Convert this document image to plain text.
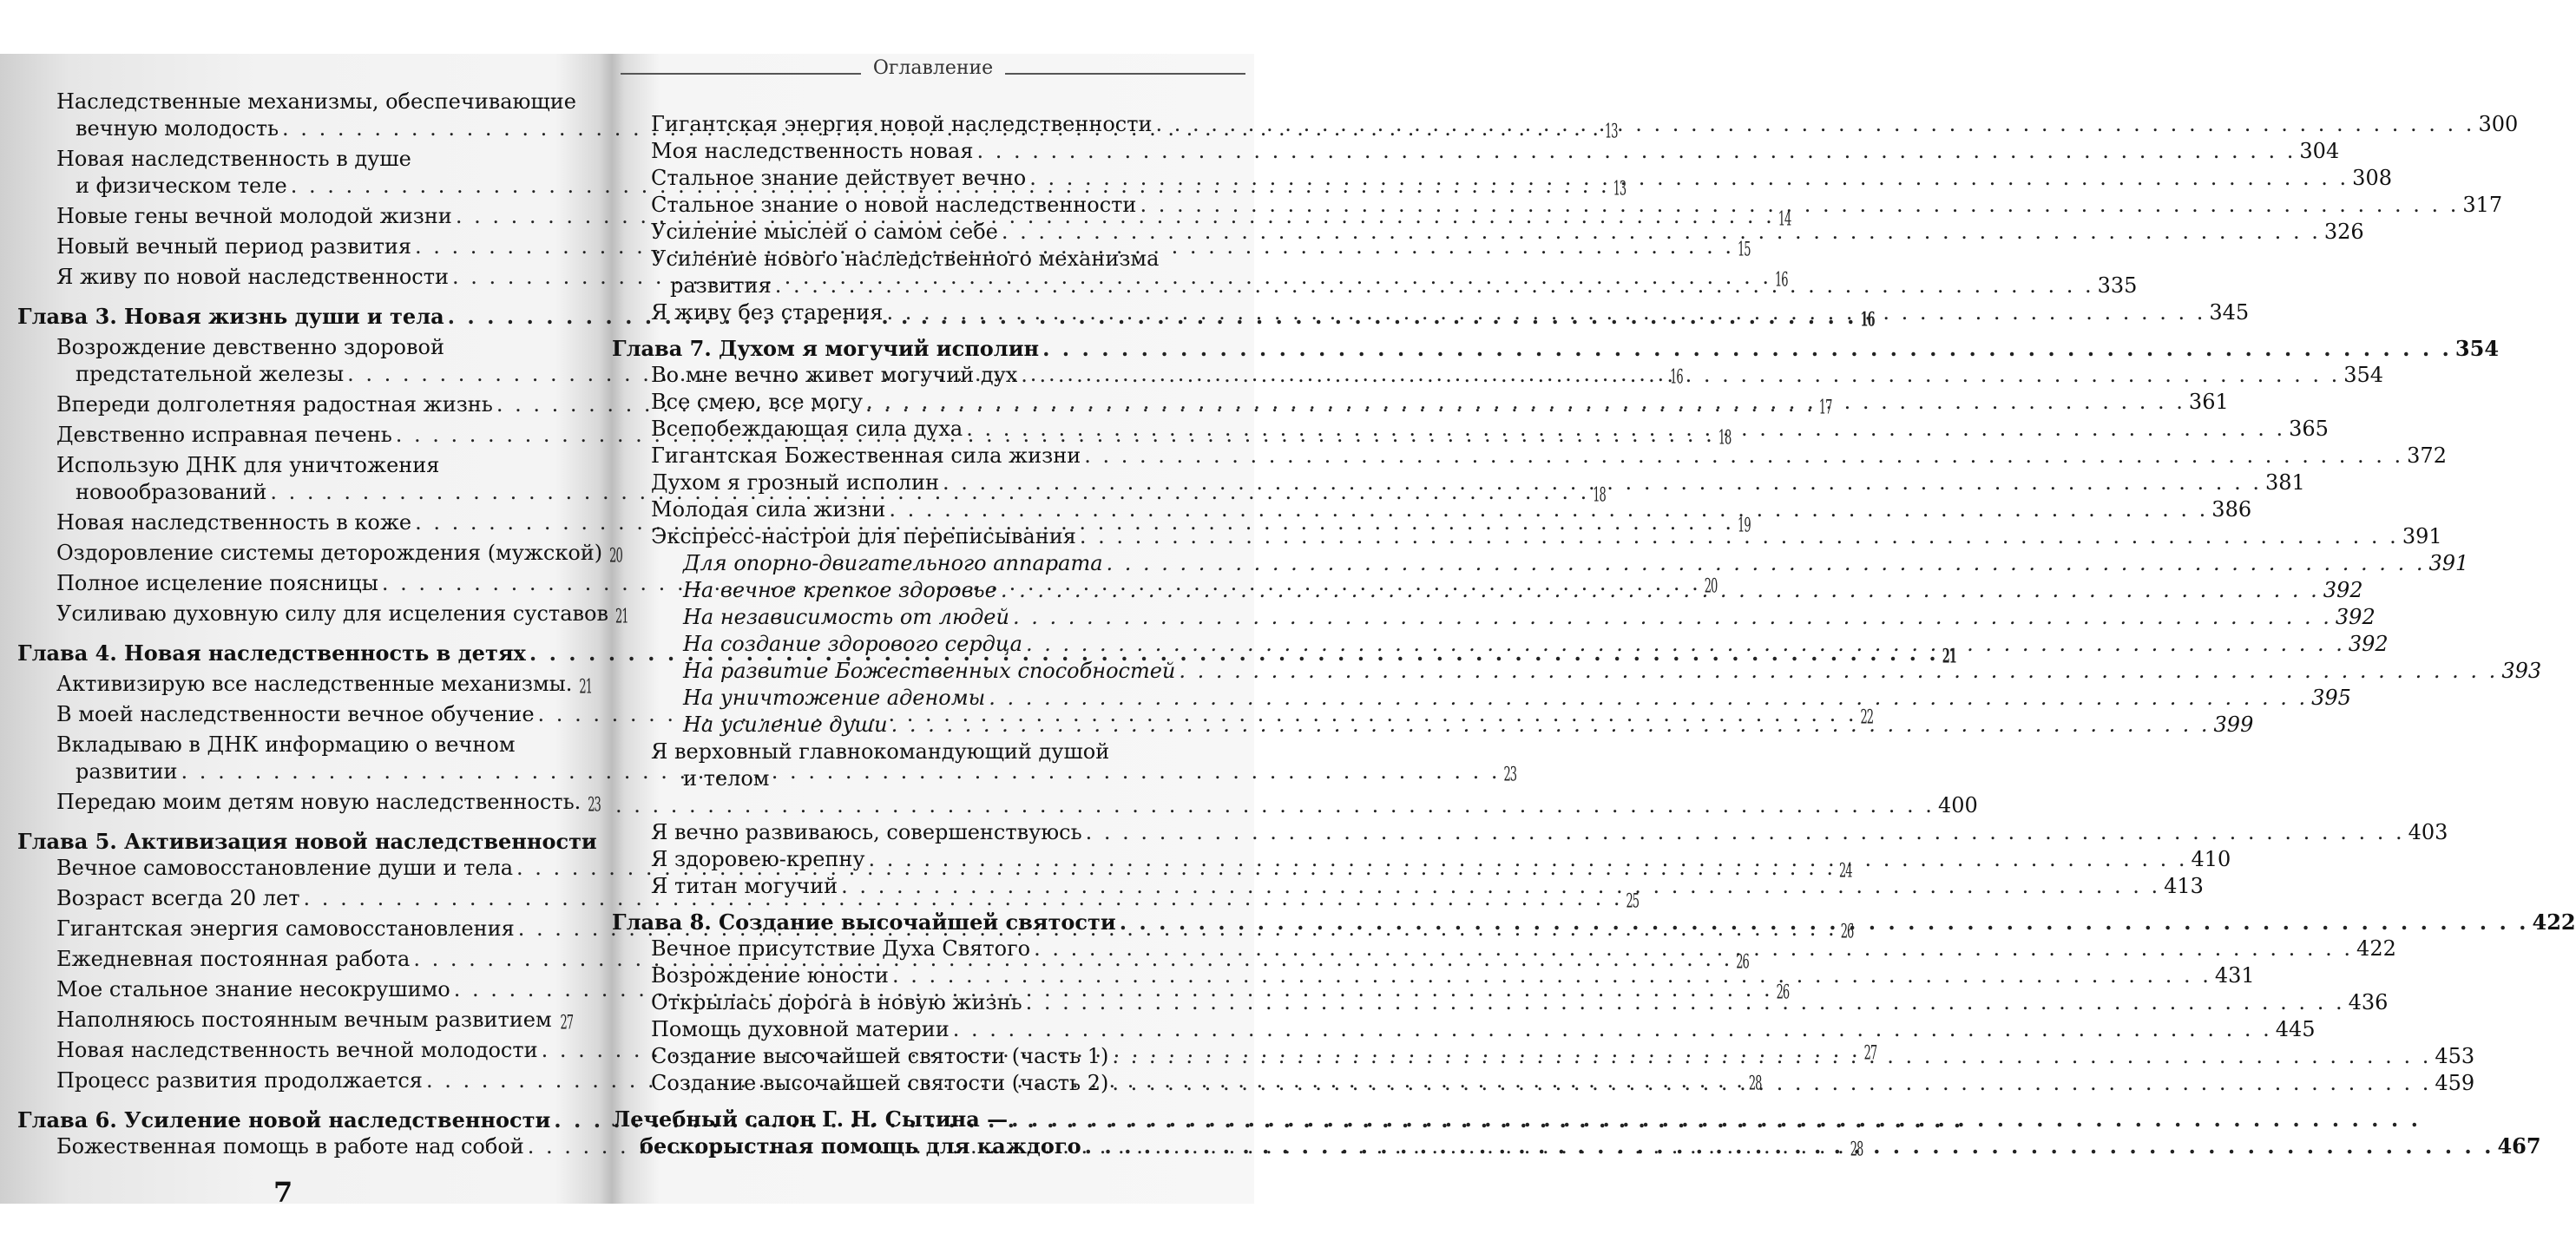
Наследственные механизмы, обеспечивающие
вечную молодость . . .	13
Новая наследственность в душе
и физическом теле . . .	13
Новые гены вечной молодой жизни . . .	14
Новый вечный период развития . . .	15
Я живу по новой наследственности . . .	16
Глава 3. Новая жизнь души и тела . . .	16
Возрождение девственно здоровой
предстательной железы . . .	16
Впереди долголетняя радостная жизнь . . .	17
Девственно исправная печень . . .	18
Использую ДНК для уничтожения
новообразований . . .	18
Новая наследственность в коже . . .	19
Оздоровление системы деторождения (мужской) 20
Полное исцеление поясницы . . .	20
Усиливаю духовную силу для исцеления суставов 21
Глава 4. Новая наследственность в детях . . .	21
Активизирую все наследственные механизмы. 21
В моей наследственности вечное обучение . . .	22
Вкладываю в ДНК информацию о вечном
развитии . . .	23
Передаю моим детям новую наследственность. 23
Глава 5. Активизация новой наследственности
Вечное самовосстановление души и тела . . .	24
Возраст всегда 20 лет . . .	25
Гигантская энергия самовосстановления . . .	26
Ежедневная постоянная работа . . .	26
Мое стальное знание несокрушимо . . .	26
Наполняюсь постоянным вечным развитием . . . 27
Новая наследственность вечной молодости . . .	27
Процесс развития продолжается . . .	28
Глава 6. Усиление новой наследственности
. . .
Божественная помощь в работе над собой . . .	28
Оглавление
Гигантская энергия новой наследственности . . .	300
Моя наследственность новая . . .	304
Стальное знание действует вечно . . .	308
Стальное знание о новой наследственности . . .	317
Усиление мыслей о самом себе . . .	326
Усиление нового наследственного механизма
развития . . .	335
Я живу без старения . . .	345
Глава 7. Духом я могучий исполин . . .	354
Во мне вечно живет могучий дух . . .	354
Все смею, все могу . . .	361
Всепобеждающая сила духа . . .	365
Гигантская Божественная сила жизни . . .	372
Духом я грозный исполин . . .	381
Молодая сила жизни . . .	386
Экспресс-настрои для переписывания . . .	391
Для опорно-двигательного аппарата . . .	391
На вечное крепкое здоровье . . .	392
На независимость от людей . . .	392
На создание здорового сердца . . .	392
На развитие Божественных способностей . . .	393
На уничтожение аденомы . . .	395
На усиление души . . .	399
Я верховный главнокомандующий душой
и телом
. . .
400
Я вечно развиваюсь, совершенствуюсь . . .	403
Я здоровею-крепну . . .	410
Я титан могучий . . .	413
Глава 8. Создание высочайшей святости . . .	422
Вечное присутствие Духа Святого . . .	422
Возрождение юности . . .	431
Открылась дорога в новую жизнь . . .	436
Помощь духовной материи . . .	445
Создание высочайшей святости (часть 1) . . .	453
Создание высочайшей святости (часть 2) . . .	459
Лечебный салон Г. Н. Сытина —
. . .
бескорыстная помощь для каждого . . .	467
7
